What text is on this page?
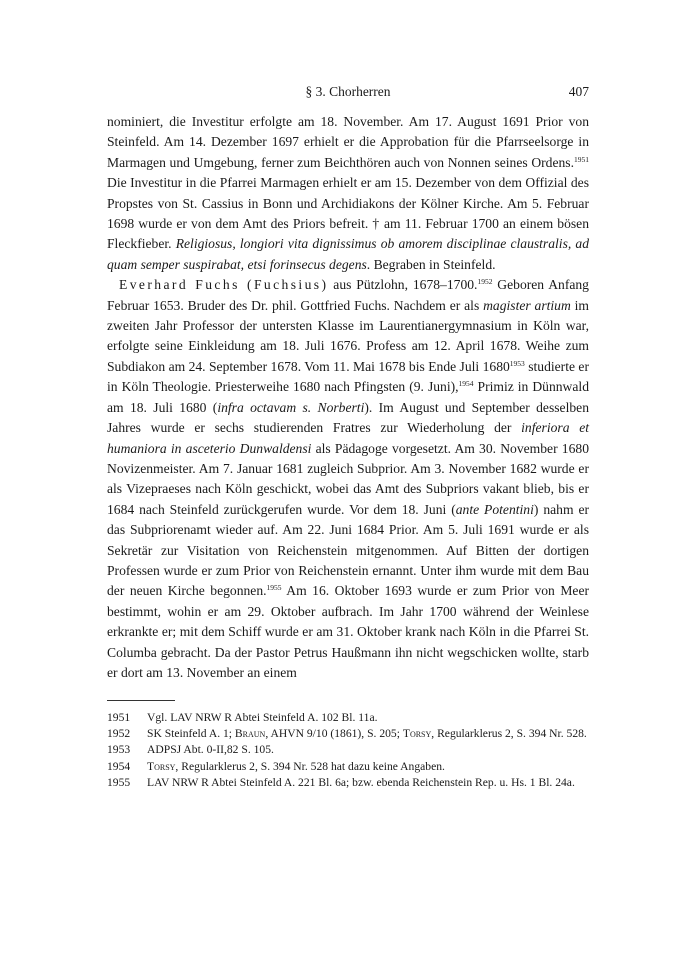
§ 3. Chorherren	407

nominiert, die Investitur erfolgte am 18. November. Am 17. August 1691 Prior von Steinfeld. Am 14. Dezember 1697 erhielt er die Approbation für die Pfarrseelsorge in Marmagen und Umgebung, ferner zum Beichthören auch von Nonnen seines Ordens.$^{1951}$ Die Investitur in die Pfarrei Marmagen erhielt er am 15. Dezember von dem Offizial des Propstes von St. Cassius in Bonn und Archidiakons der Kölner Kirche. Am 5. Februar 1698 wurde er von dem Amt des Priors befreit. † am 11. Februar 1700 an einem bösen Fleckfieber. Religiosus, longiori vita dignissimus ob amorem disciplinae claustralis, ad quam semper suspirabat, etsi forinsecus degens. Begraben in Steinfeld.

Everhard Fuchs (Fuchsius) aus Pützlohn, 1678–1700.$^{1952}$ Geboren Anfang Februar 1653. Bruder des Dr. phil. Gottfried Fuchs. Nachdem er als magister artium im zweiten Jahr Professor der untersten Klasse im Laurentianergymnasium in Köln war, erfolgte seine Einkleidung am 18. Juli 1676. Profess am 12. April 1678. Weihe zum Subdiakon am 24. September 1678. Vom 11. Mai 1678 bis Ende Juli $1680^{1953}$ studierte er in Köln Theologie. Priesterweihe 1680 nach Pfingsten (9. Juni),$^{1954}$ Primiz in Dünnwald am 18. Juli 1680 (infra octavam s. Norberti). Im August und September desselben Jahres wurde er sechs studierenden Fratres zur Wiederholung der inferiora et humaniora in asceterio Dunwaldensi als Pädagoge vorgesetzt. Am 30. November 1680 Novizenmeister. Am 7. Januar 1681 zugleich Subprior. Am 3. November 1682 wurde er als Vizepraeses nach Köln geschickt, wobei das Amt des Subpriors vakant blieb, bis er 1684 nach Steinfeld zurückgerufen wurde. Vor dem 18. Juni (ante Potentini) nahm er das Subpriorenamt wieder auf. Am 22. Juni 1684 Prior. Am 5. Juli 1691 wurde er als Sekretär zur Visitation von Reichenstein mitgenommen. Auf Bitten der dortigen Professen wurde er zum Prior von Reichenstein ernannt. Unter ihm wurde mit dem Bau der neuen Kirche begonnen.$^{1955}$ Am 16. Oktober 1693 wurde er zum Prior von Meer bestimmt, wohin er am 29. Oktober aufbrach. Im Jahr 1700 während der Weinlese erkrankte er; mit dem Schiff wurde er am 31. Oktober krank nach Köln in die Pfarrei St. Columba gebracht. Da der Pastor Petrus Haußmann ihn nicht wegschicken wollte, starb er dort am 13. November an einem

1951 Vgl. LAV NRW R Abtei Steinfeld A. 102 Bl. 11a.
1952 SK Steinfeld A. 1; Braun, AHVN 9/10 (1861), S. 205; Torsy, Regularklerus 2, S. 394 Nr. 528.
1953 ADPSJ Abt. 0-II,82 S. 105.
1954 Torsy, Regularklerus 2, S. 394 Nr. 528 hat dazu keine Angaben.
1955 LAV NRW R Abtei Steinfeld A. 221 Bl. 6a; bzw. ebenda Reichenstein Rep. u. Hs. 1 Bl. 24a.
